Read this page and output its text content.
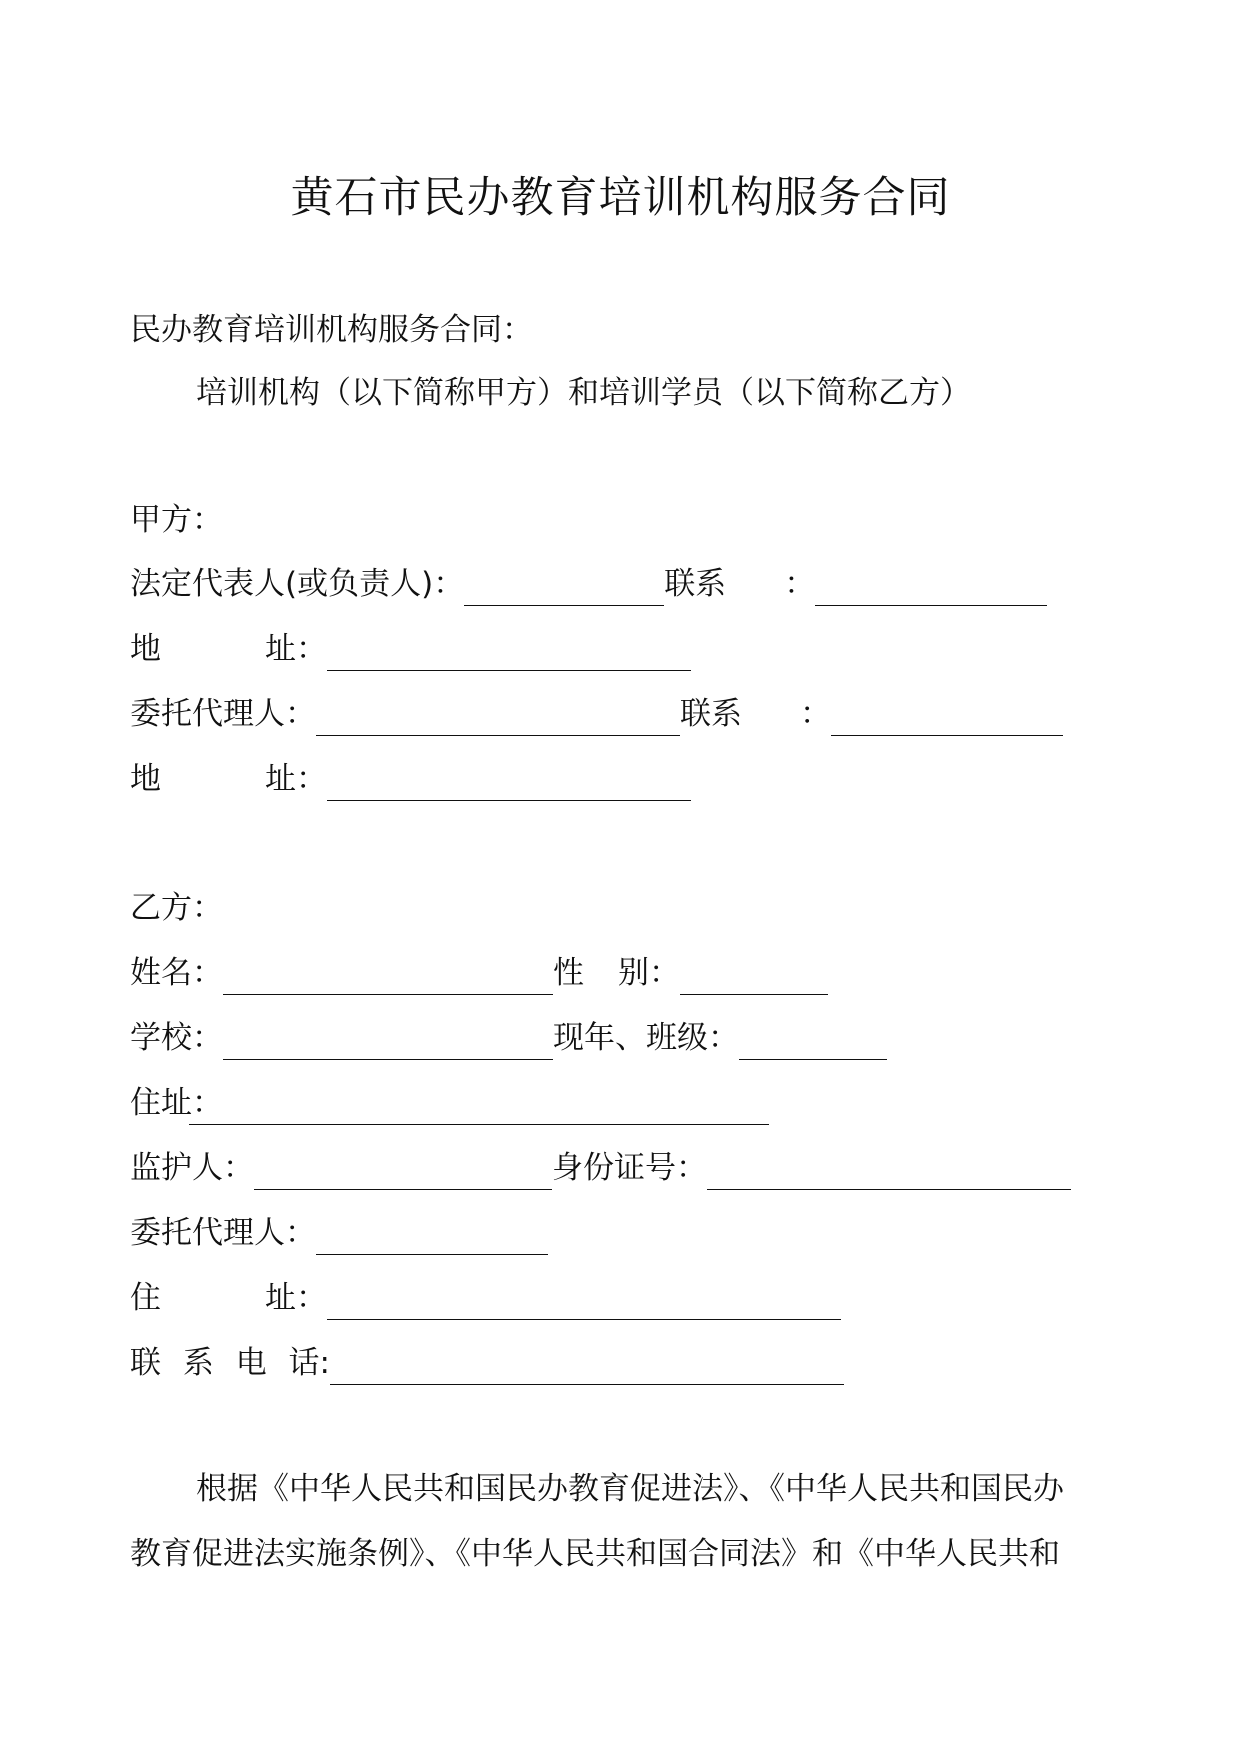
黄石市民办教育培训机构服务合同
民办教育培训机构服务合同：
培训机构（以下简称甲方）和培训学员（以下简称乙方）
甲方：
法定代表人(或负责人)：	联系 ：
地	址：
委托代理人：	联系 ：
地	址：
乙方：
姓名：	性 别：
学校：	现年、班级：
住址：
监护人：	身份证号：
委托代理人：
住	址：
联 系 电 话:
根据《中华人民共和国民办教育促进法》、《中华人民共和国民办
教育促进法实施条例》、《中华人民共和国合同法》和《中华人民共和
